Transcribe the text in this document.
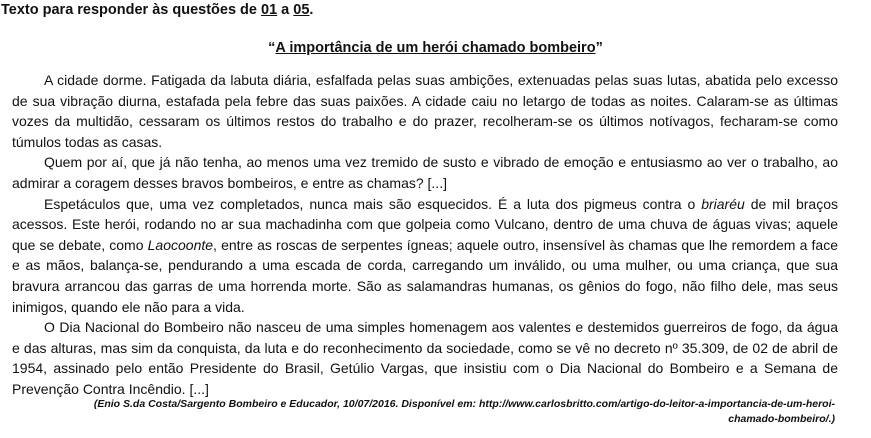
Texto para responder às questões de 01 a 05.
“A importância de um herói chamado bombeiro”

A cidade dorme. Fatigada da labuta diária, esfalfada pelas suas ambições, extenuadas pelas suas lutas, abatida pelo excesso de sua vibração diurna, estafada pela febre das suas paixões. A cidade caiu no letargo de todas as noites. Calaram-se as últimas vozes da multidão, cessaram os últimos restos do trabalho e do prazer, recolheram-se os últimos notívagos, fecharam-se como túmulos todas as casas.

Quem por aí, que já não tenha, ao menos uma vez tremido de susto e vibrado de emoção e entusiasmo ao ver o trabalho, ao admirar a coragem desses bravos bombeiros, e entre as chamas? [...]

Espetáculos que, uma vez completados, nunca mais são esquecidos. É a luta dos pigmeus contra o briaréu de mil braços acessos. Este herói, rodando no ar sua machadinha com que golpeia como Vulcano, dentro de uma chuva de águas vivas; aquele que se debate, como Laocoonte, entre as roscas de serpentes ígneas; aquele outro, insensível às chamas que lhe remordem a face e as mãos, balança-se, pendurando a uma escada de corda, carregando um inválido, ou uma mulher, ou uma criança, que sua bravura arrancou das garras de uma horrenda morte. São as salamandras humanas, os gênios do fogo, não filho dele, mas seus inimigos, quando ele não para a vida.

O Dia Nacional do Bombeiro não nasceu de uma simples homenagem aos valentes e destemidos guerreiros de fogo, da água e das alturas, mas sim da conquista, da luta e do reconhecimento da sociedade, como se vê no decreto nº 35.309, de 02 de abril de 1954, assinado pelo então Presidente do Brasil, Getúlio Vargas, que insistiu com o Dia Nacional do Bombeiro e a Semana de Prevenção Contra Incêndio. [...]

(Enio S.da Costa/Sargento Bombeiro e Educador, 10/07/2016. Disponível em: http://www.carlosbritto.com/artigo-do-leitor-a-importancia-de-um-heroi-chamado-bombeiro/.)
